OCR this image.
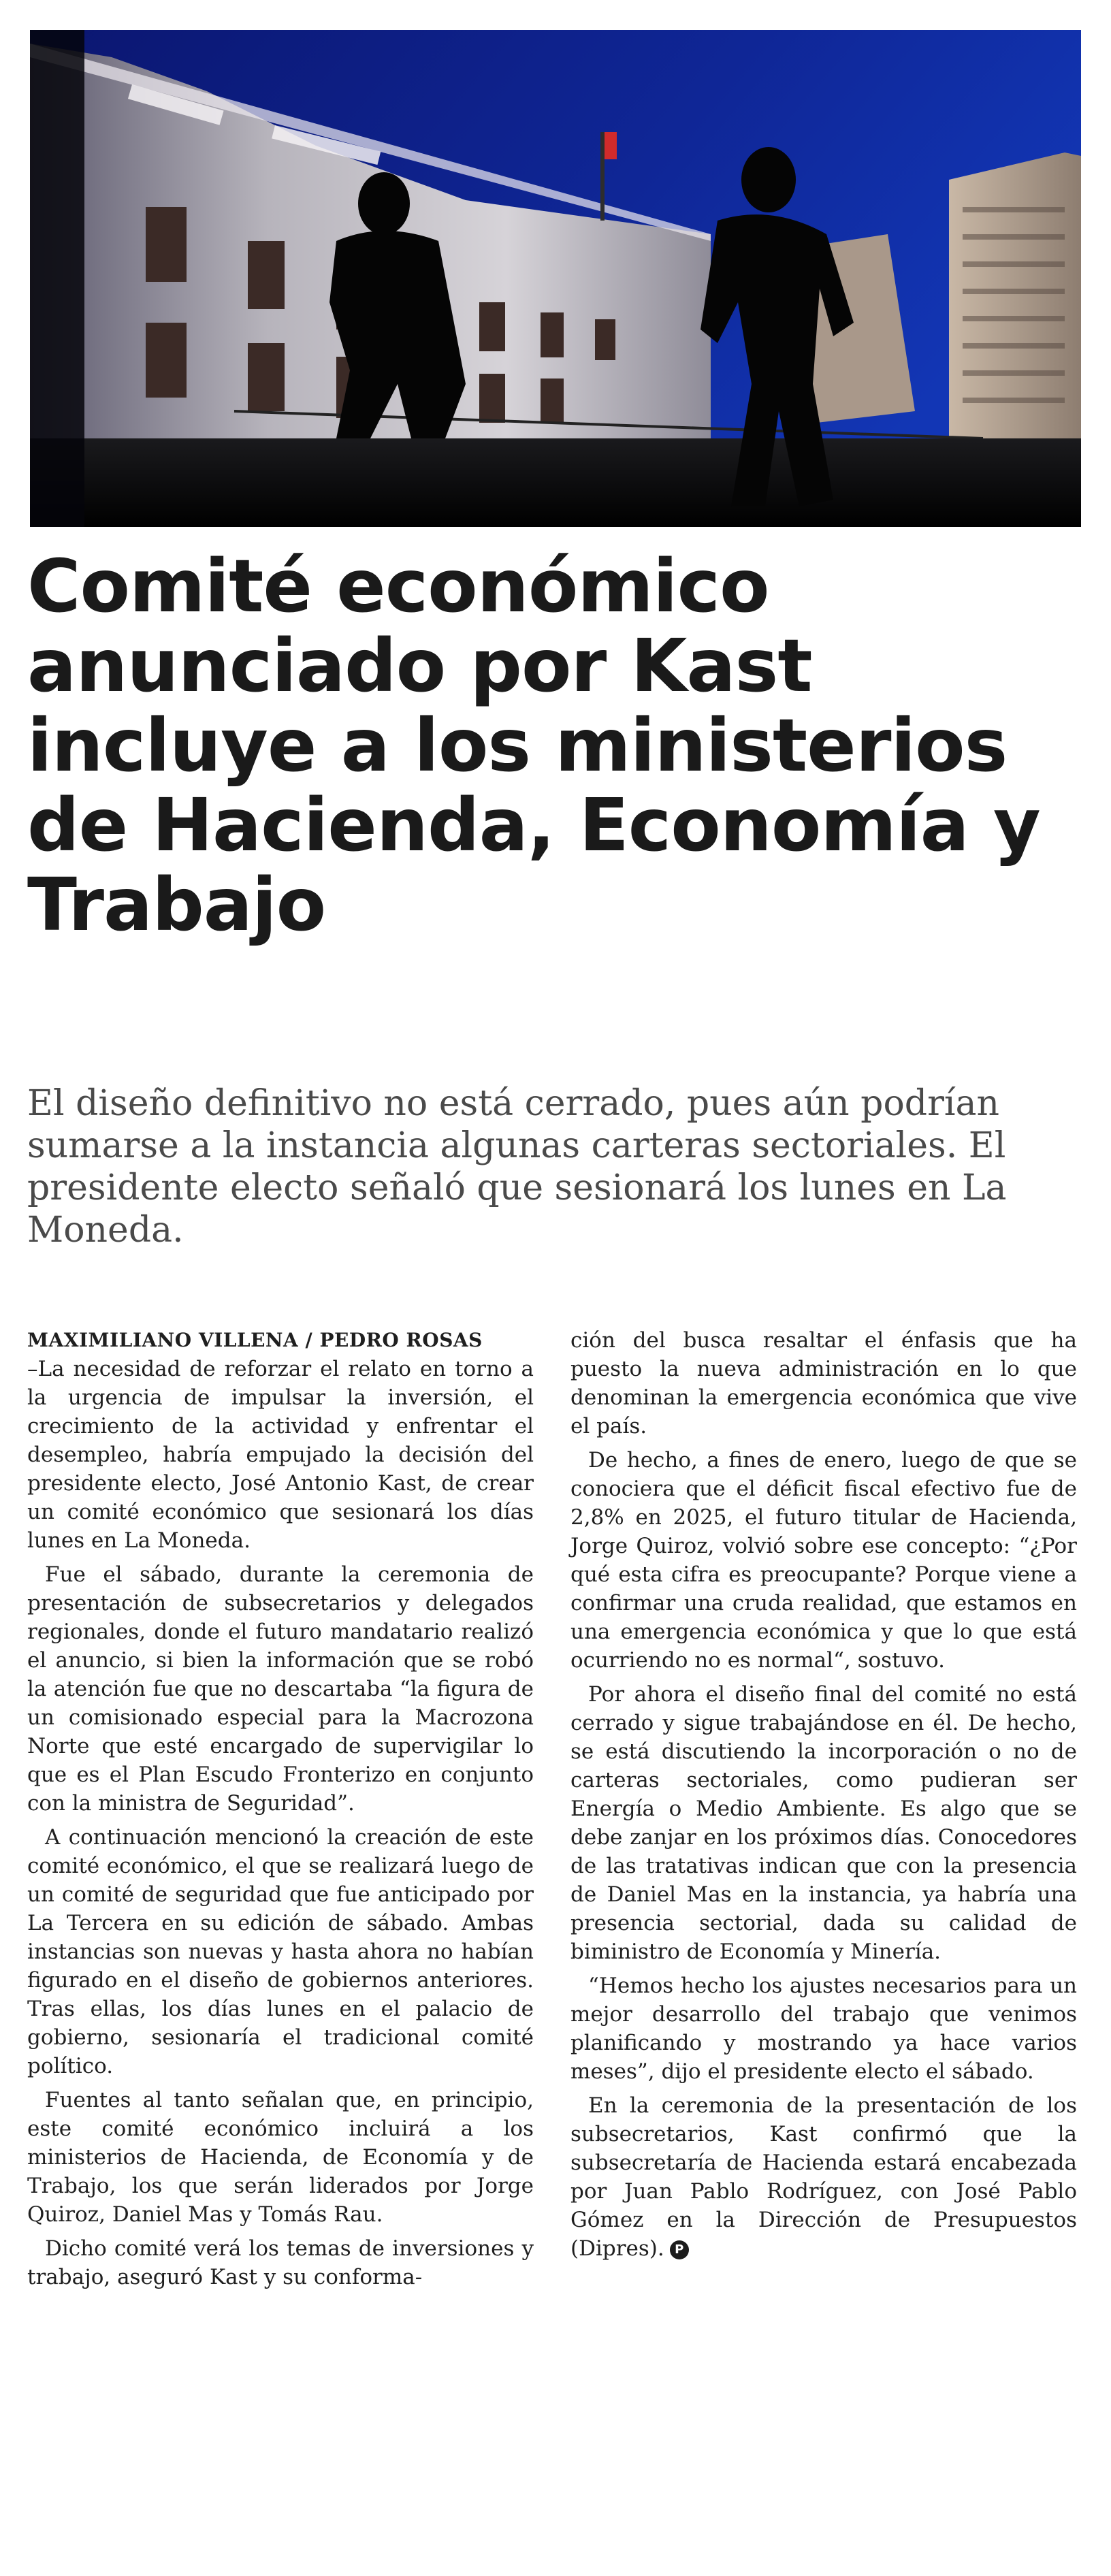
Comité económico anunciado por Kast incluye a los ministerios de Hacienda, Economía y Trabajo

El diseño definitivo no está cerrado, pues aún podrían sumarse a la instancia algunas carteras sectoriales. El presidente electo señaló que sesionará los lunes en La Moneda.

MAXIMILIANO VILLENA / PEDRO ROSAS

–La necesidad de reforzar el relato en torno a la urgencia de impulsar la inversión, el crecimiento de la actividad y enfrentar el desempleo, habría empujado la decisión del presidente electo, José Antonio Kast, de crear un comité económico que sesionará los días lunes en La Moneda.

Fue el sábado, durante la ceremonia de presentación de subsecretarios y delegados regionales, donde el futuro mandatario realizó el anuncio, si bien la información que se robó la atención fue que no descartaba “la figura de un comisionado especial para la Macrozona Norte que esté encargado de supervigilar lo que es el Plan Escudo Fronterizo en conjunto con la ministra de Seguridad”.

A continuación mencionó la creación de este comité económico, el que se realizará luego de un comité de seguridad que fue anticipado por La Tercera en su edición de sábado. Ambas instancias son nuevas y hasta ahora no habían figurado en el diseño de gobiernos anteriores. Tras ellas, los días lunes en el palacio de gobierno, sesionaría el tradicional comité político.

Fuentes al tanto señalan que, en principio, este comité económico incluirá a los ministerios de Hacienda, de Economía y de Trabajo, los que serán liderados por Jorge Quiroz, Daniel Mas y Tomás Rau.

Dicho comité verá los temas de inversiones y trabajo, aseguró Kast y su conforma-

ción del busca resaltar el énfasis que ha puesto la nueva administración en lo que denominan la emergencia económica que vive el país.

De hecho, a fines de enero, luego de que se conociera que el déficit fiscal efectivo fue de 2,8% en 2025, el futuro titular de Hacienda, Jorge Quiroz, volvió sobre ese concepto: “¿Por qué esta cifra es preocupante? Porque viene a confirmar una cruda realidad, que estamos en una emergencia económica y que lo que está ocurriendo no es normal“, sostuvo.

Por ahora el diseño final del comité no está cerrado y sigue trabajándose en él. De hecho, se está discutiendo la incorporación o no de carteras sectoriales, como pudieran ser Energía o Medio Ambiente. Es algo que se debe zanjar en los próximos días. Conocedores de las tratativas indican que con la presencia de Daniel Mas en la instancia, ya habría una presencia sectorial, dada su calidad de biministro de Economía y Minería.

“Hemos hecho los ajustes necesarios para un mejor desarrollo del trabajo que venimos planificando y mostrando ya hace varios meses”, dijo el presidente electo el sábado.

En la ceremonia de la presentación de los subsecretarios, Kast confirmó que la subsecretaría de Hacienda estará encabezada por Juan Pablo Rodríguez, con José Pablo Gómez en la Dirección de Presupuestos (Dipres). P
